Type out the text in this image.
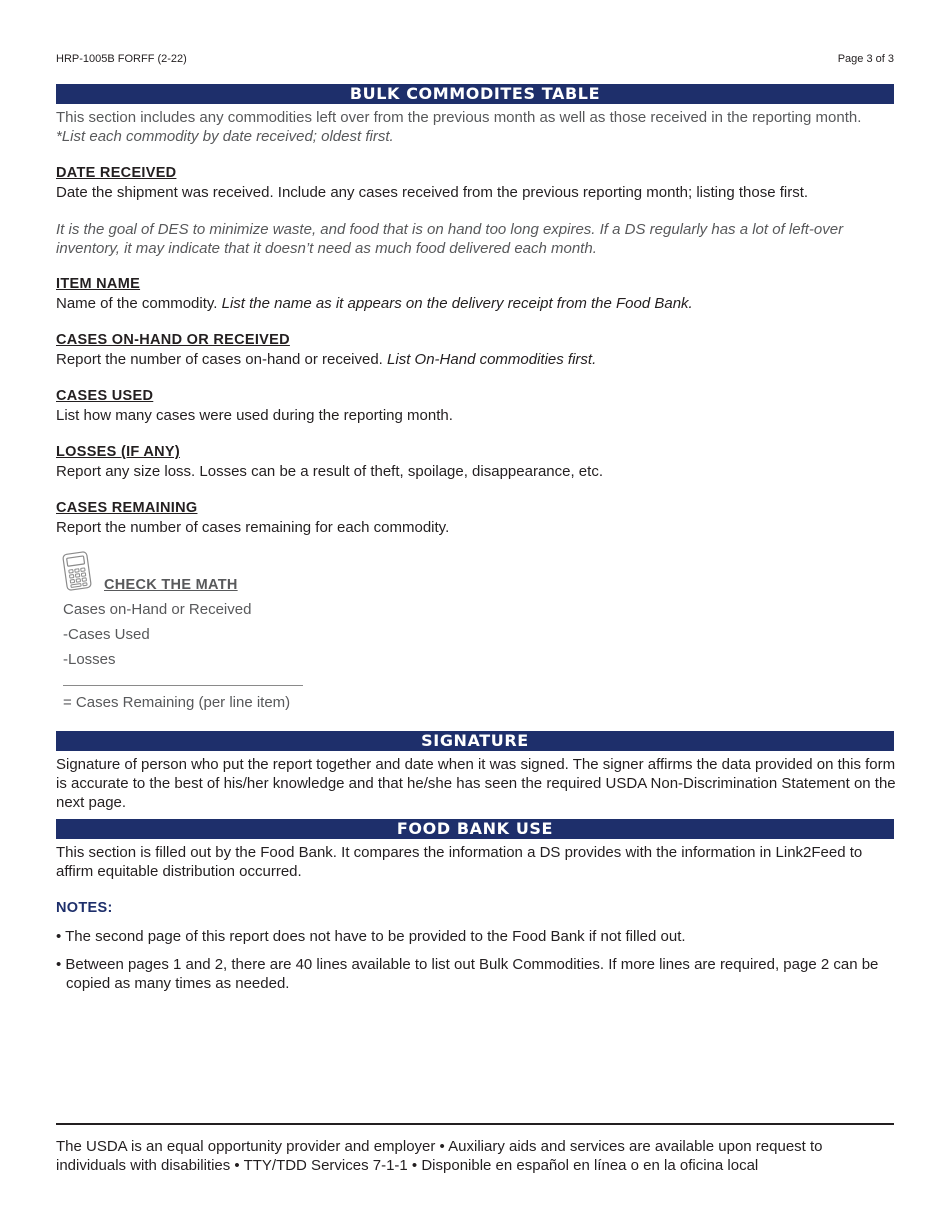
HRP-1005B FORFF (2-22)	Page 3 of 3
BULK COMMODITES TABLE
This section includes any commodities left over from the previous month as well as those received in the reporting month.
*List each commodity by date received; oldest first.
DATE RECEIVED
Date the shipment was received. Include any cases received from the previous reporting month; listing those first.
It is the goal of DES to minimize waste, and food that is on hand too long expires. If a DS regularly has a lot of left-over inventory, it may indicate that it doesn’t need as much food delivered each month.
ITEM NAME
Name of the commodity. List the name as it appears on the delivery receipt from the Food Bank.
CASES ON-HAND OR RECEIVED
Report the number of cases on-hand or received. List On-Hand commodities first.
CASES USED
List how many cases were used during the reporting month.
LOSSES (IF ANY)
Report any size loss. Losses can be a result of theft, spoilage, disappearance, etc.
CASES REMAINING
Report the number of cases remaining for each commodity.
CHECK THE MATH
Cases on-Hand or Received
-Cases Used
-Losses
= Cases Remaining (per line item)
SIGNATURE
Signature of person who put the report together and date when it was signed. The signer affirms the data provided on this form is accurate to the best of his/her knowledge and that he/she has seen the required USDA Non-Discrimination Statement on the next page.
FOOD BANK USE
This section is filled out by the Food Bank. It compares the information a DS provides with the information in Link2Feed to affirm equitable distribution occurred.
NOTES:
• The second page of this report does not have to be provided to the Food Bank if not filled out.
• Between pages 1 and 2, there are 40 lines available to list out Bulk Commodities. If more lines are required, page 2 can be copied as many times as needed.
The USDA is an equal opportunity provider and employer • Auxiliary aids and services are available upon request to individuals with disabilities • TTY/TDD Services 7-1-1 • Disponible en español en línea o en la oficina local
